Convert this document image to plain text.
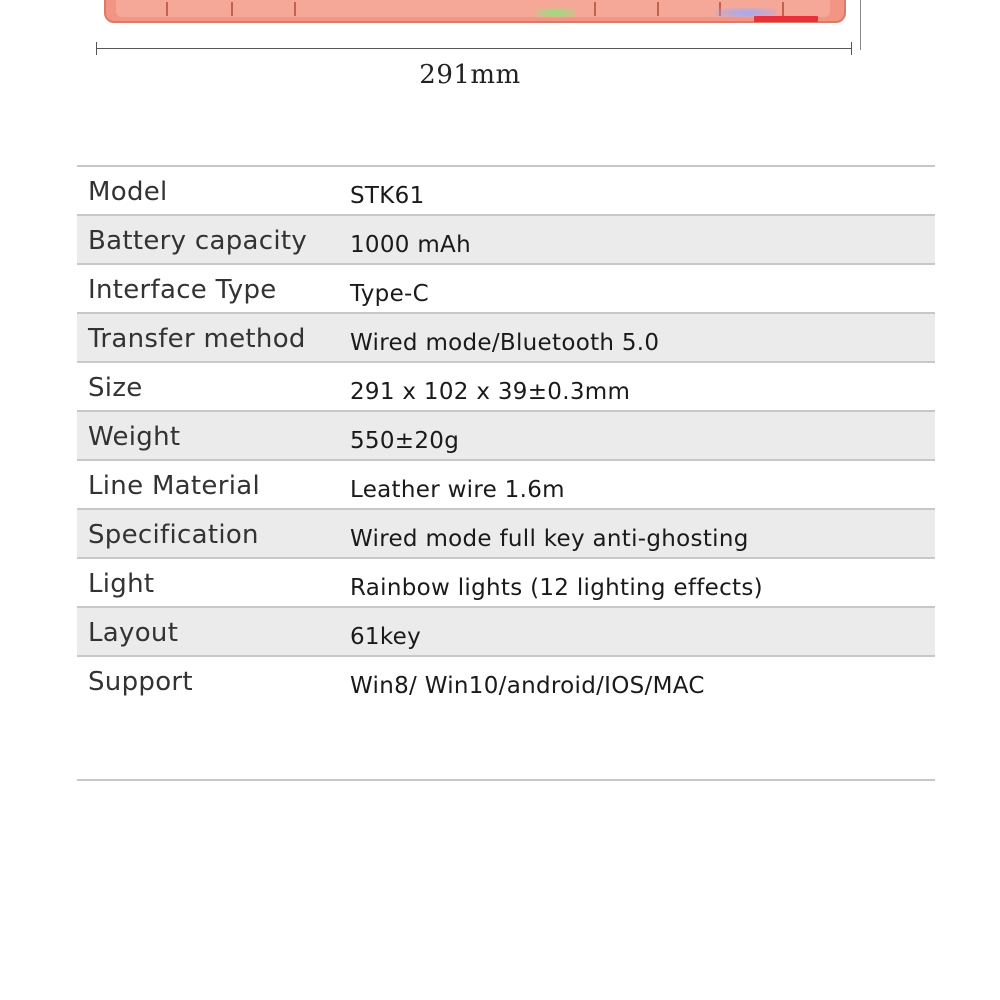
291mm
Model	STK61
Battery capacity	1000 mAh
Interface Type	Type-C
Transfer method	Wired mode/Bluetooth 5.0
Size	291 x 102 x 39±0.3mm
Weight	550±20g
Line Material	Leather wire 1.6m
Specification	Wired mode full key anti-ghosting
Light	Rainbow lights (12 lighting effects)
Layout	61key
Support	Win8/ Win10/android/IOS/MAC
